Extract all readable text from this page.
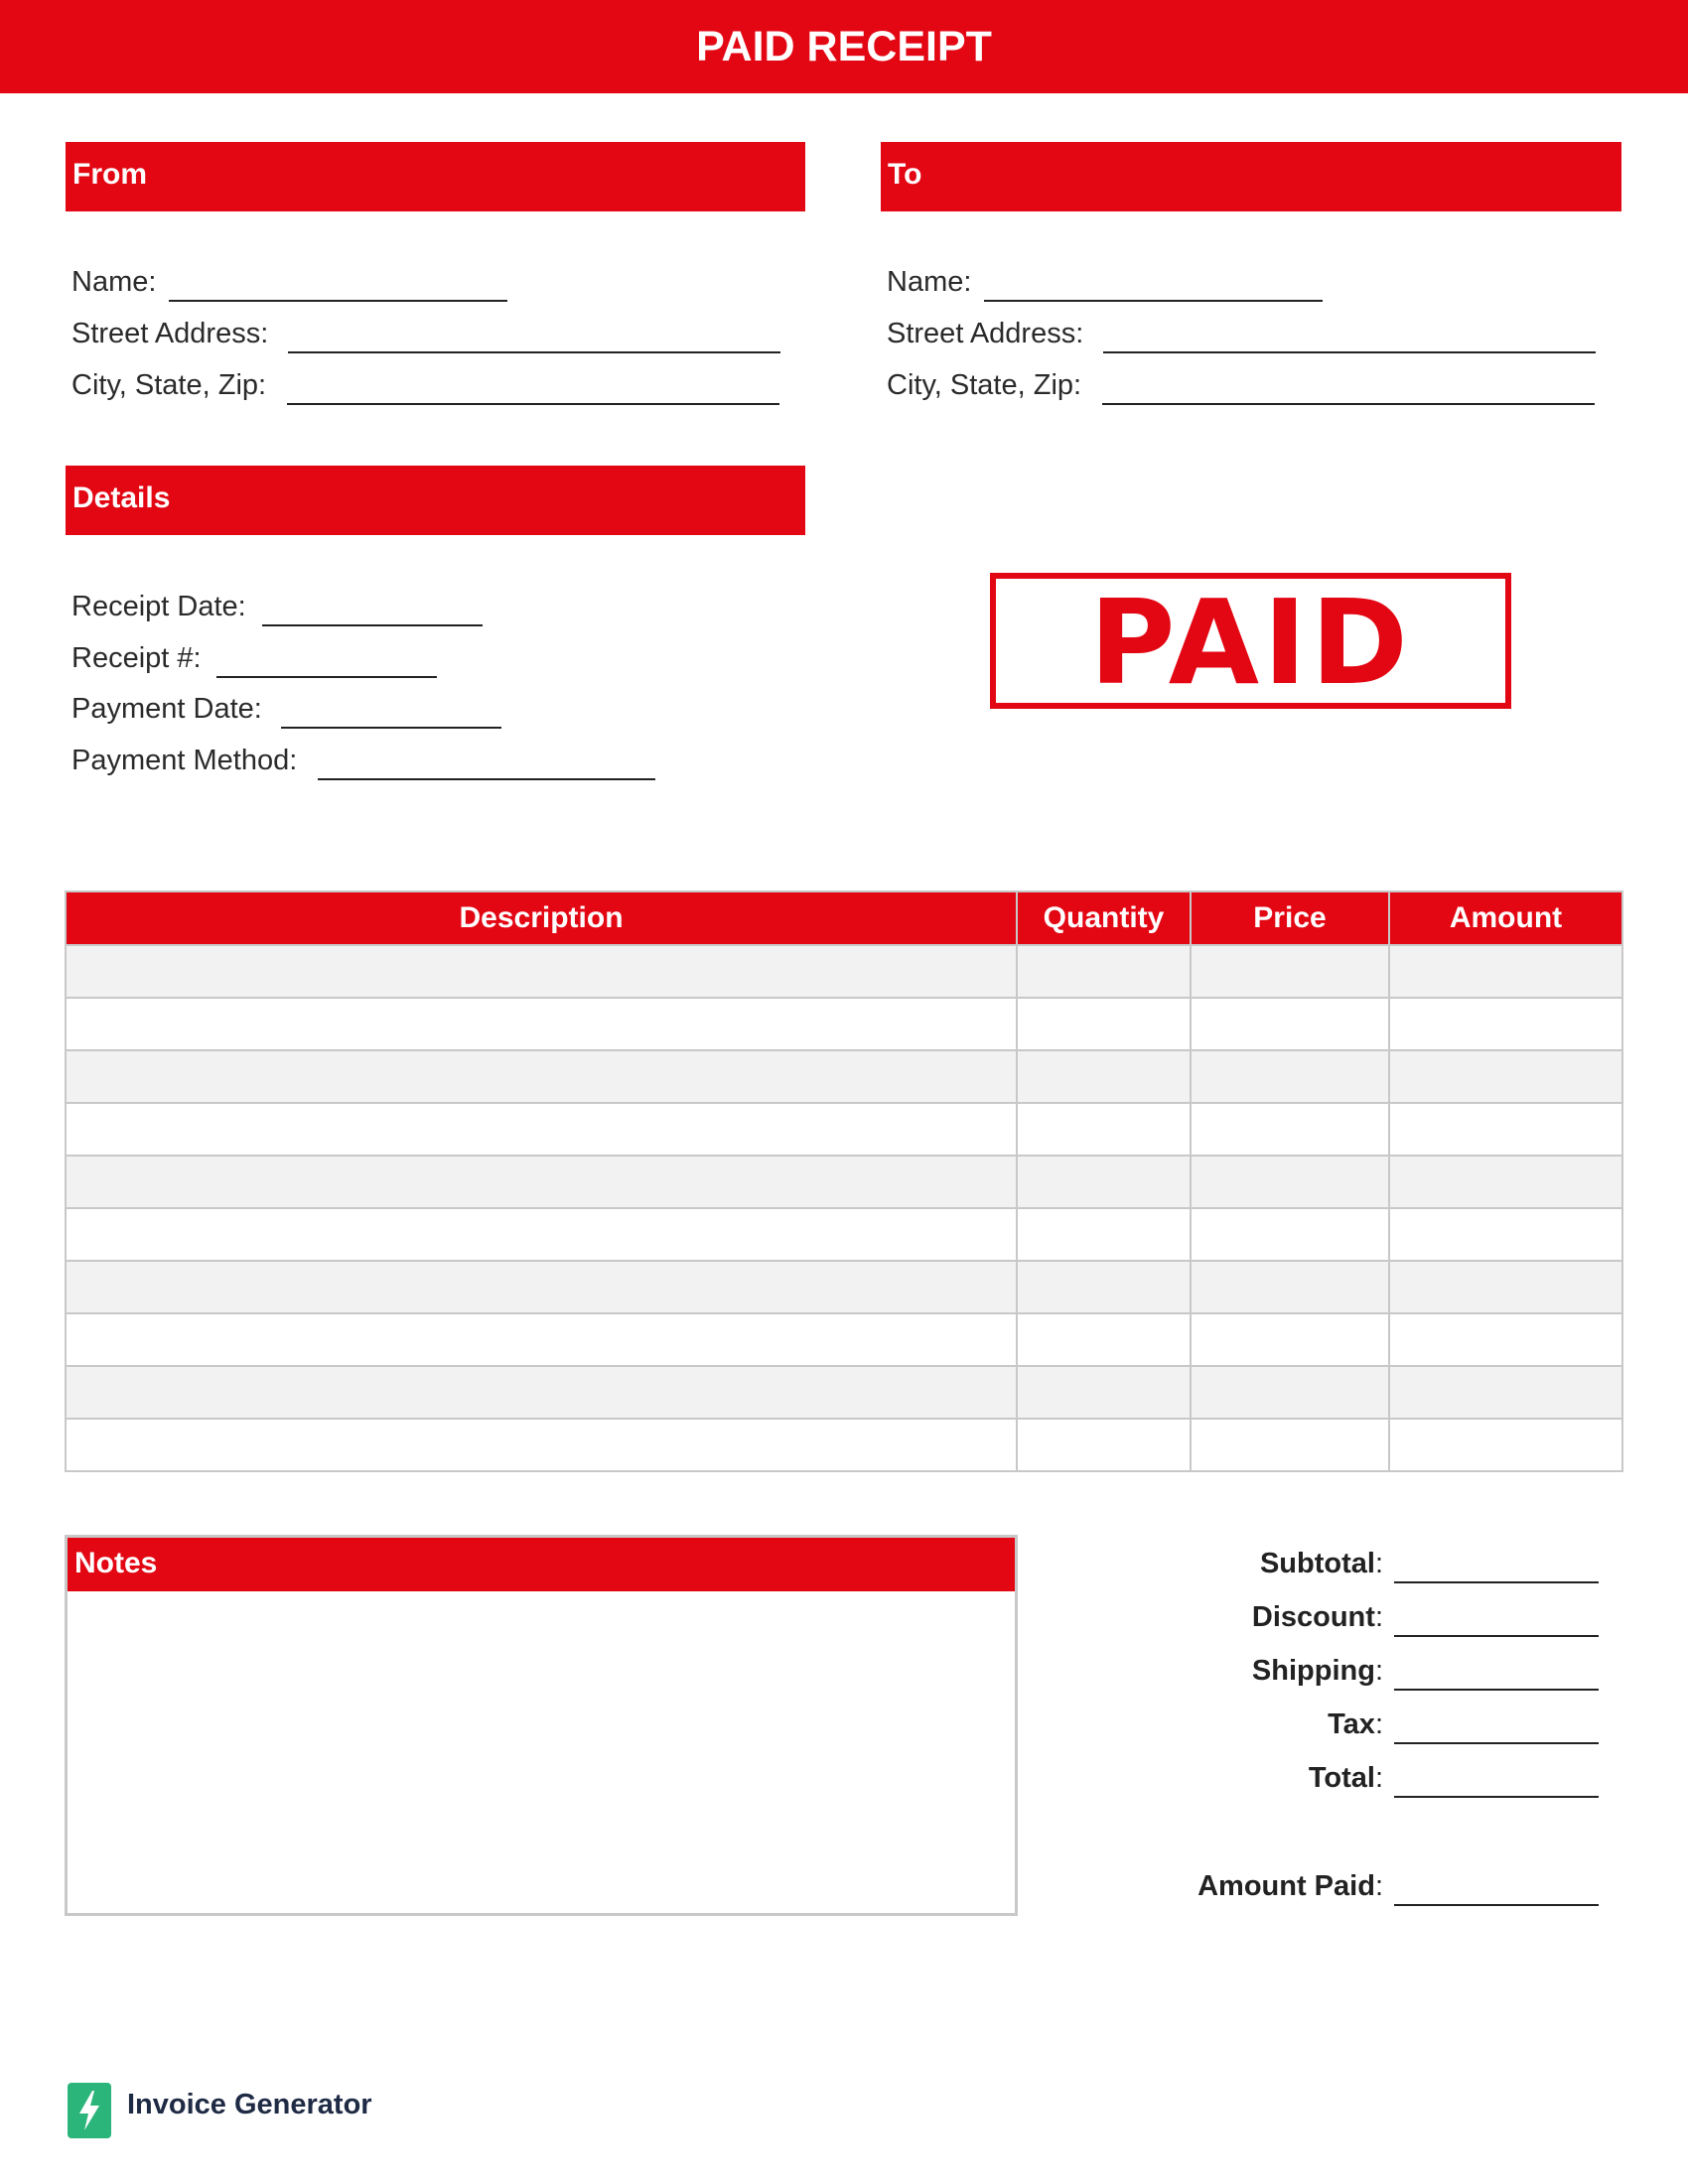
PAID RECEIPT
From
Name:
Street Address:
City, State, Zip:
To
Name:
Street Address:
City, State, Zip:
Details
Receipt Date:
Receipt #:
Payment Date:
Payment Method:
PAID
Description	Quantity	Price	Amount

Notes	Subtotal:
Discount:
Shipping:
Tax:
Total:
Amount Paid:
Invoice Generator
